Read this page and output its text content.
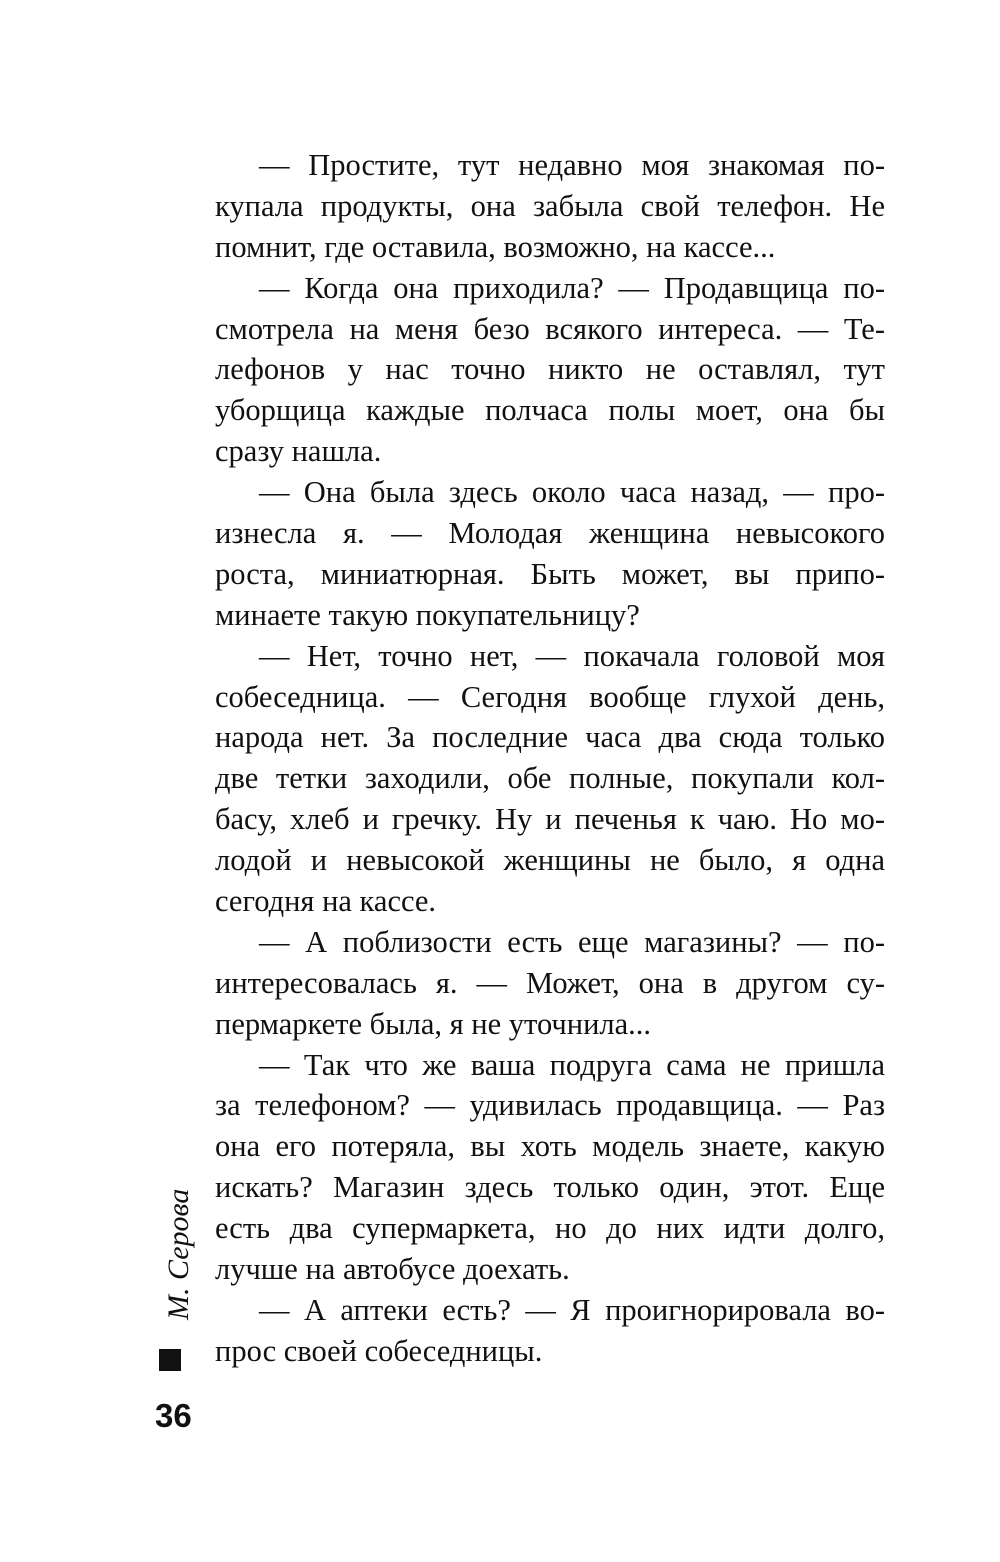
— Простите, тут недавно моя знакомая по-
купала продукты, она забыла свой телефон. Не
помнит, где оставила, возможно, на кассе...
— Когда она приходила? — Продавщица по-
смотрела на меня безо всякого интереса. — Те-
лефонов у нас точно никто не оставлял, тут
уборщица каждые полчаса полы моет, она бы
сразу нашла.
— Она была здесь около часа назад, — про-
изнесла я. — Молодая женщина невысокого
роста, миниатюрная. Быть может, вы припо-
минаете такую покупательницу?
— Нет, точно нет, — покачала головой моя
собеседница. — Сегодня вообще глухой день,
народа нет. За последние часа два сюда только
две тетки заходили, обе полные, покупали кол-
басу, хлеб и гречку. Ну и печенья к чаю. Но мо-
лодой и невысокой женщины не было, я одна
сегодня на кассе.
— А поблизости есть еще магазины? — по-
интересовалась я. — Может, она в другом су-
пермаркете была, я не уточнила...
— Так что же ваша подруга сама не пришла
за телефоном? — удивилась продавщица. — Раз
она его потеряла, вы хоть модель знаете, какую
искать? Магазин здесь только один, этот. Еще
есть два супермаркета, но до них идти долго,
лучше на автобусе доехать.
— А аптеки есть? — Я проигнорировала во-
прос своей собеседницы.
М. Серова
36
